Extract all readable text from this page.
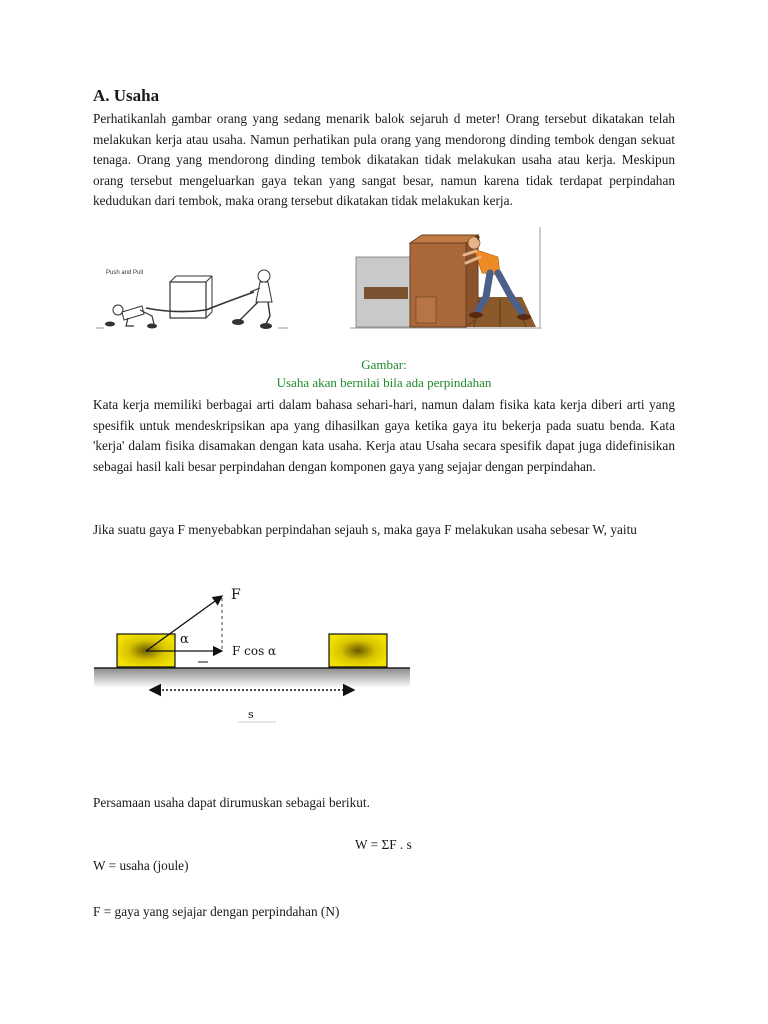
A. Usaha

Perhatikanlah gambar orang yang sedang menarik balok sejaruh d meter! Orang tersebut dikatakan telah melakukan kerja atau usaha. Namun perhatikan pula orang yang mendorong dinding tembok dengan sekuat tenaga. Orang yang mendorong dinding tembok dikatakan tidak melakukan usaha atau kerja. Meskipun orang tersebut mengeluarkan gaya tekan yang sangat besar, namun karena tidak terdapat perpindahan kedudukan dari tembok, maka orang tersebut dikatakan tidak melakukan kerja.

Push and Pull

Gambar:

Usaha akan bernilai bila ada perpindahan

Kata kerja memiliki berbagai arti dalam bahasa sehari-hari, namun dalam fisika kata kerja diberi arti yang spesifik untuk mendeskripsikan apa yang dihasilkan gaya ketika gaya itu bekerja pada suatu benda. Kata 'kerja' dalam fisika disamakan dengan kata usaha. Kerja atau Usaha secara spesifik dapat juga didefinisikan sebagai hasil kali besar perpindahan dengan komponen gaya yang sejajar dengan perpindahan.

Jika suatu gaya F menyebabkan perpindahan sejauh s, maka gaya F melakukan usaha sebesar W, yaitu

F
α
F cos α
s

Persamaan usaha dapat dirumuskan sebagai berikut.

W = ΣF . s

W = usaha (joule)

F = gaya yang sejajar dengan perpindahan (N)
